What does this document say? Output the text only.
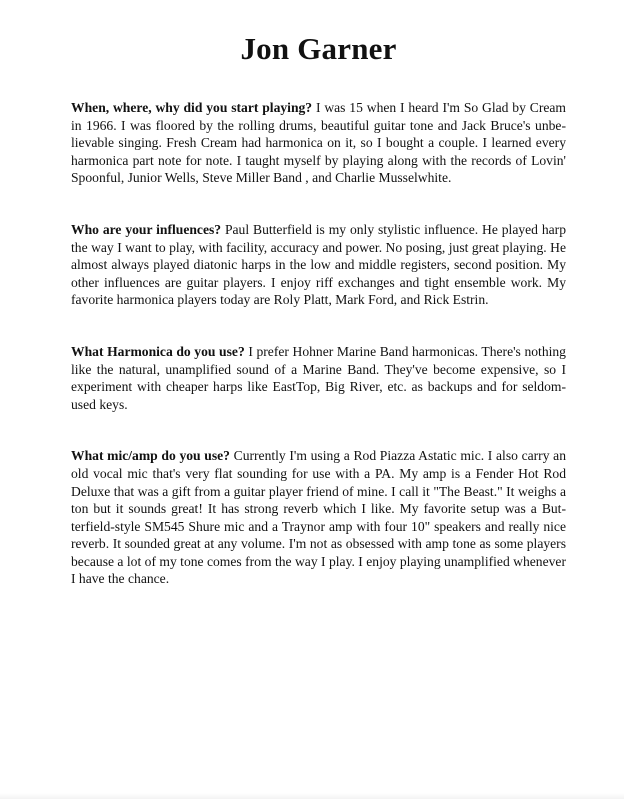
Jon Garner

When, where, why did you start playing? I was 15 when I heard I'm So Glad by Cream in 1966. I was floored by the rolling drums, beautiful guitar tone and Jack Bruce's unbelievable singing. Fresh Cream had harmonica on it, so I bought a couple. I learned every harmonica part note for note. I taught myself by playing along with the records of Lovin' Spoonful, Junior Wells, Steve Miller Band , and Charlie Musselwhite.

Who are your influences? Paul Butterfield is my only stylistic influence. He played harp the way I want to play, with facility, accuracy and power. No posing, just great playing. He almost always played diatonic harps in the low and middle registers, second position. My other influences are guitar players. I enjoy riff exchanges and tight ensemble work. My favorite harmonica players today are Roly Platt, Mark Ford, and Rick Estrin.

What Harmonica do you use? I prefer Hohner Marine Band harmonicas. There's nothing like the natural, unamplified sound of a Marine Band. They've become expensive, so I experiment with cheaper harps like EastTop, Big River, etc. as backups and for seldom-used keys.

What mic/amp do you use? Currently I'm using a Rod Piazza Astatic mic. I also carry an old vocal mic that's very flat sounding for use with a PA. My amp is a Fender Hot Rod Deluxe that was a gift from a guitar player friend of mine. I call it "The Beast." It weighs a ton but it sounds great! It has strong reverb which I like. My favorite setup was a Butterfield-style SM545 Shure mic and a Traynor amp with four 10" speakers and really nice reverb. It sounded great at any volume. I'm not as obsessed with amp tone as some players because a lot of my tone comes from the way I play. I enjoy playing unamplified whenever I have the chance.
